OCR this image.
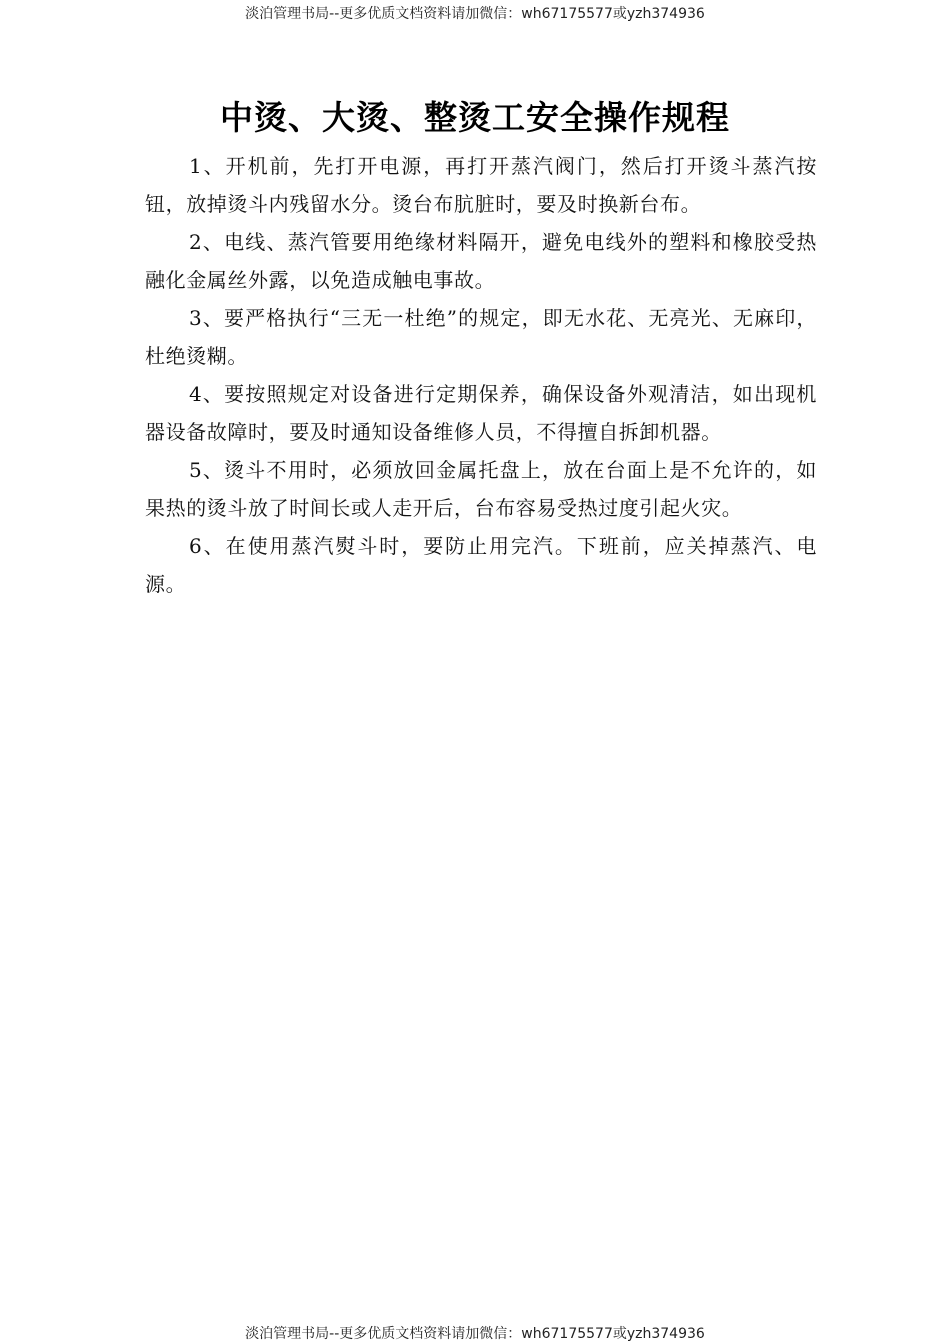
淡泊管理书局--更多优质文档资料请加微信：wh67175577或yzh374936
中烫、大烫、整烫工安全操作规程

1、开机前，先打开电源，再打开蒸汽阀门，然后打开烫斗蒸汽按钮，放掉烫斗内残留水分。烫台布肮脏时，要及时换新台布。

2、电线、蒸汽管要用绝缘材料隔开，避免电线外的塑料和橡胶受热融化金属丝外露，以免造成触电事故。

3、要严格执行“三无一杜绝”的规定，即无水花、无亮光、无麻印，杜绝烫糊。

4、要按照规定对设备进行定期保养，确保设备外观清洁，如出现机器设备故障时，要及时通知设备维修人员，不得擅自拆卸机器。

5、烫斗不用时，必须放回金属托盘上，放在台面上是不允许的，如果热的烫斗放了时间长或人走开后，台布容易受热过度引起火灾。

6、在使用蒸汽熨斗时，要防止用完汽。下班前，应关掉蒸汽、电源。

淡泊管理书局--更多优质文档资料请加微信：wh67175577或yzh374936
